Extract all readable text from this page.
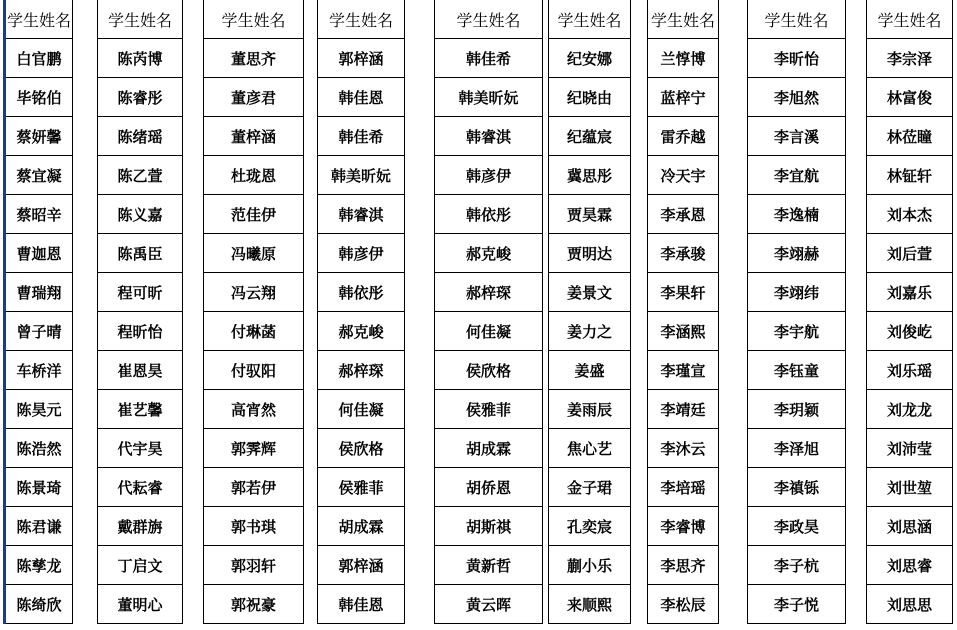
学生姓名
白官鹏
毕铭伯
蔡妍馨
蔡宜凝
蔡昭辛
曹迦恩
曹瑞翔
曾子晴
车桥洋
陈昊元
陈浩然
陈景琦
陈君谦
陈孳龙
陈绮欣
学生姓名
陈芮博
陈睿彤
陈绪瑶
陈乙萱
陈义嘉
陈禹臣
程可昕
程昕怡
崔恩昊
崔艺馨
代宇昊
代耘睿
戴群旃
丁启文
董明心
学生姓名
董思齐
董彦君
董梓涵
杜珑恩
范佳伊
冯曦原
冯云翔
付琳菡
付驭阳
高宵然
郭霁辉
郭若伊
郭书琪
郭羽轩
郭祝豪
学生姓名
郭梓涵
韩佳恩
韩佳希
韩美昕妧
韩睿淇
韩彦伊
韩依彤
郝克峻
郝梓琛
何佳凝
侯欣格
侯雅菲
胡成霖
郭梓涵
韩佳恩
学生姓名
韩佳希
韩美昕妧
韩睿淇
韩彦伊
韩依彤
郝克峻
郝梓琛
何佳凝
侯欣格
侯雅菲
胡成霖
胡侨恩
胡斯祺
黄新哲
黄云晖
学生姓名
纪安娜
纪晓由
纪蕴宸
冀思彤
贾昊霖
贾明达
姜景文
姜力之
姜盛
姜雨辰
焦心艺
金子珺
孔奕宸
蒯小乐
来顺熙
学生姓名
兰惇博
蓝梓宁
雷乔越
冷天宇
李承恩
李承骏
李果轩
李涵熙
李瑾宣
李靖廷
李沐云
李培瑶
李睿博
李思齐
李松辰
学生姓名
李昕怡
李旭然
李言溪
李宜航
李逸楠
李翊赫
李翊纬
李宇航
李钰童
李玥颖
李泽旭
李禛铄
李政昊
李子杭
李子悦
学生姓名
李宗泽
林富俊
林莅瞳
林钲轩
刘本杰
刘后萱
刘嘉乐
刘俊屹
刘乐瑶
刘龙龙
刘沛莹
刘世堃
刘思涵
刘思睿
刘思思
